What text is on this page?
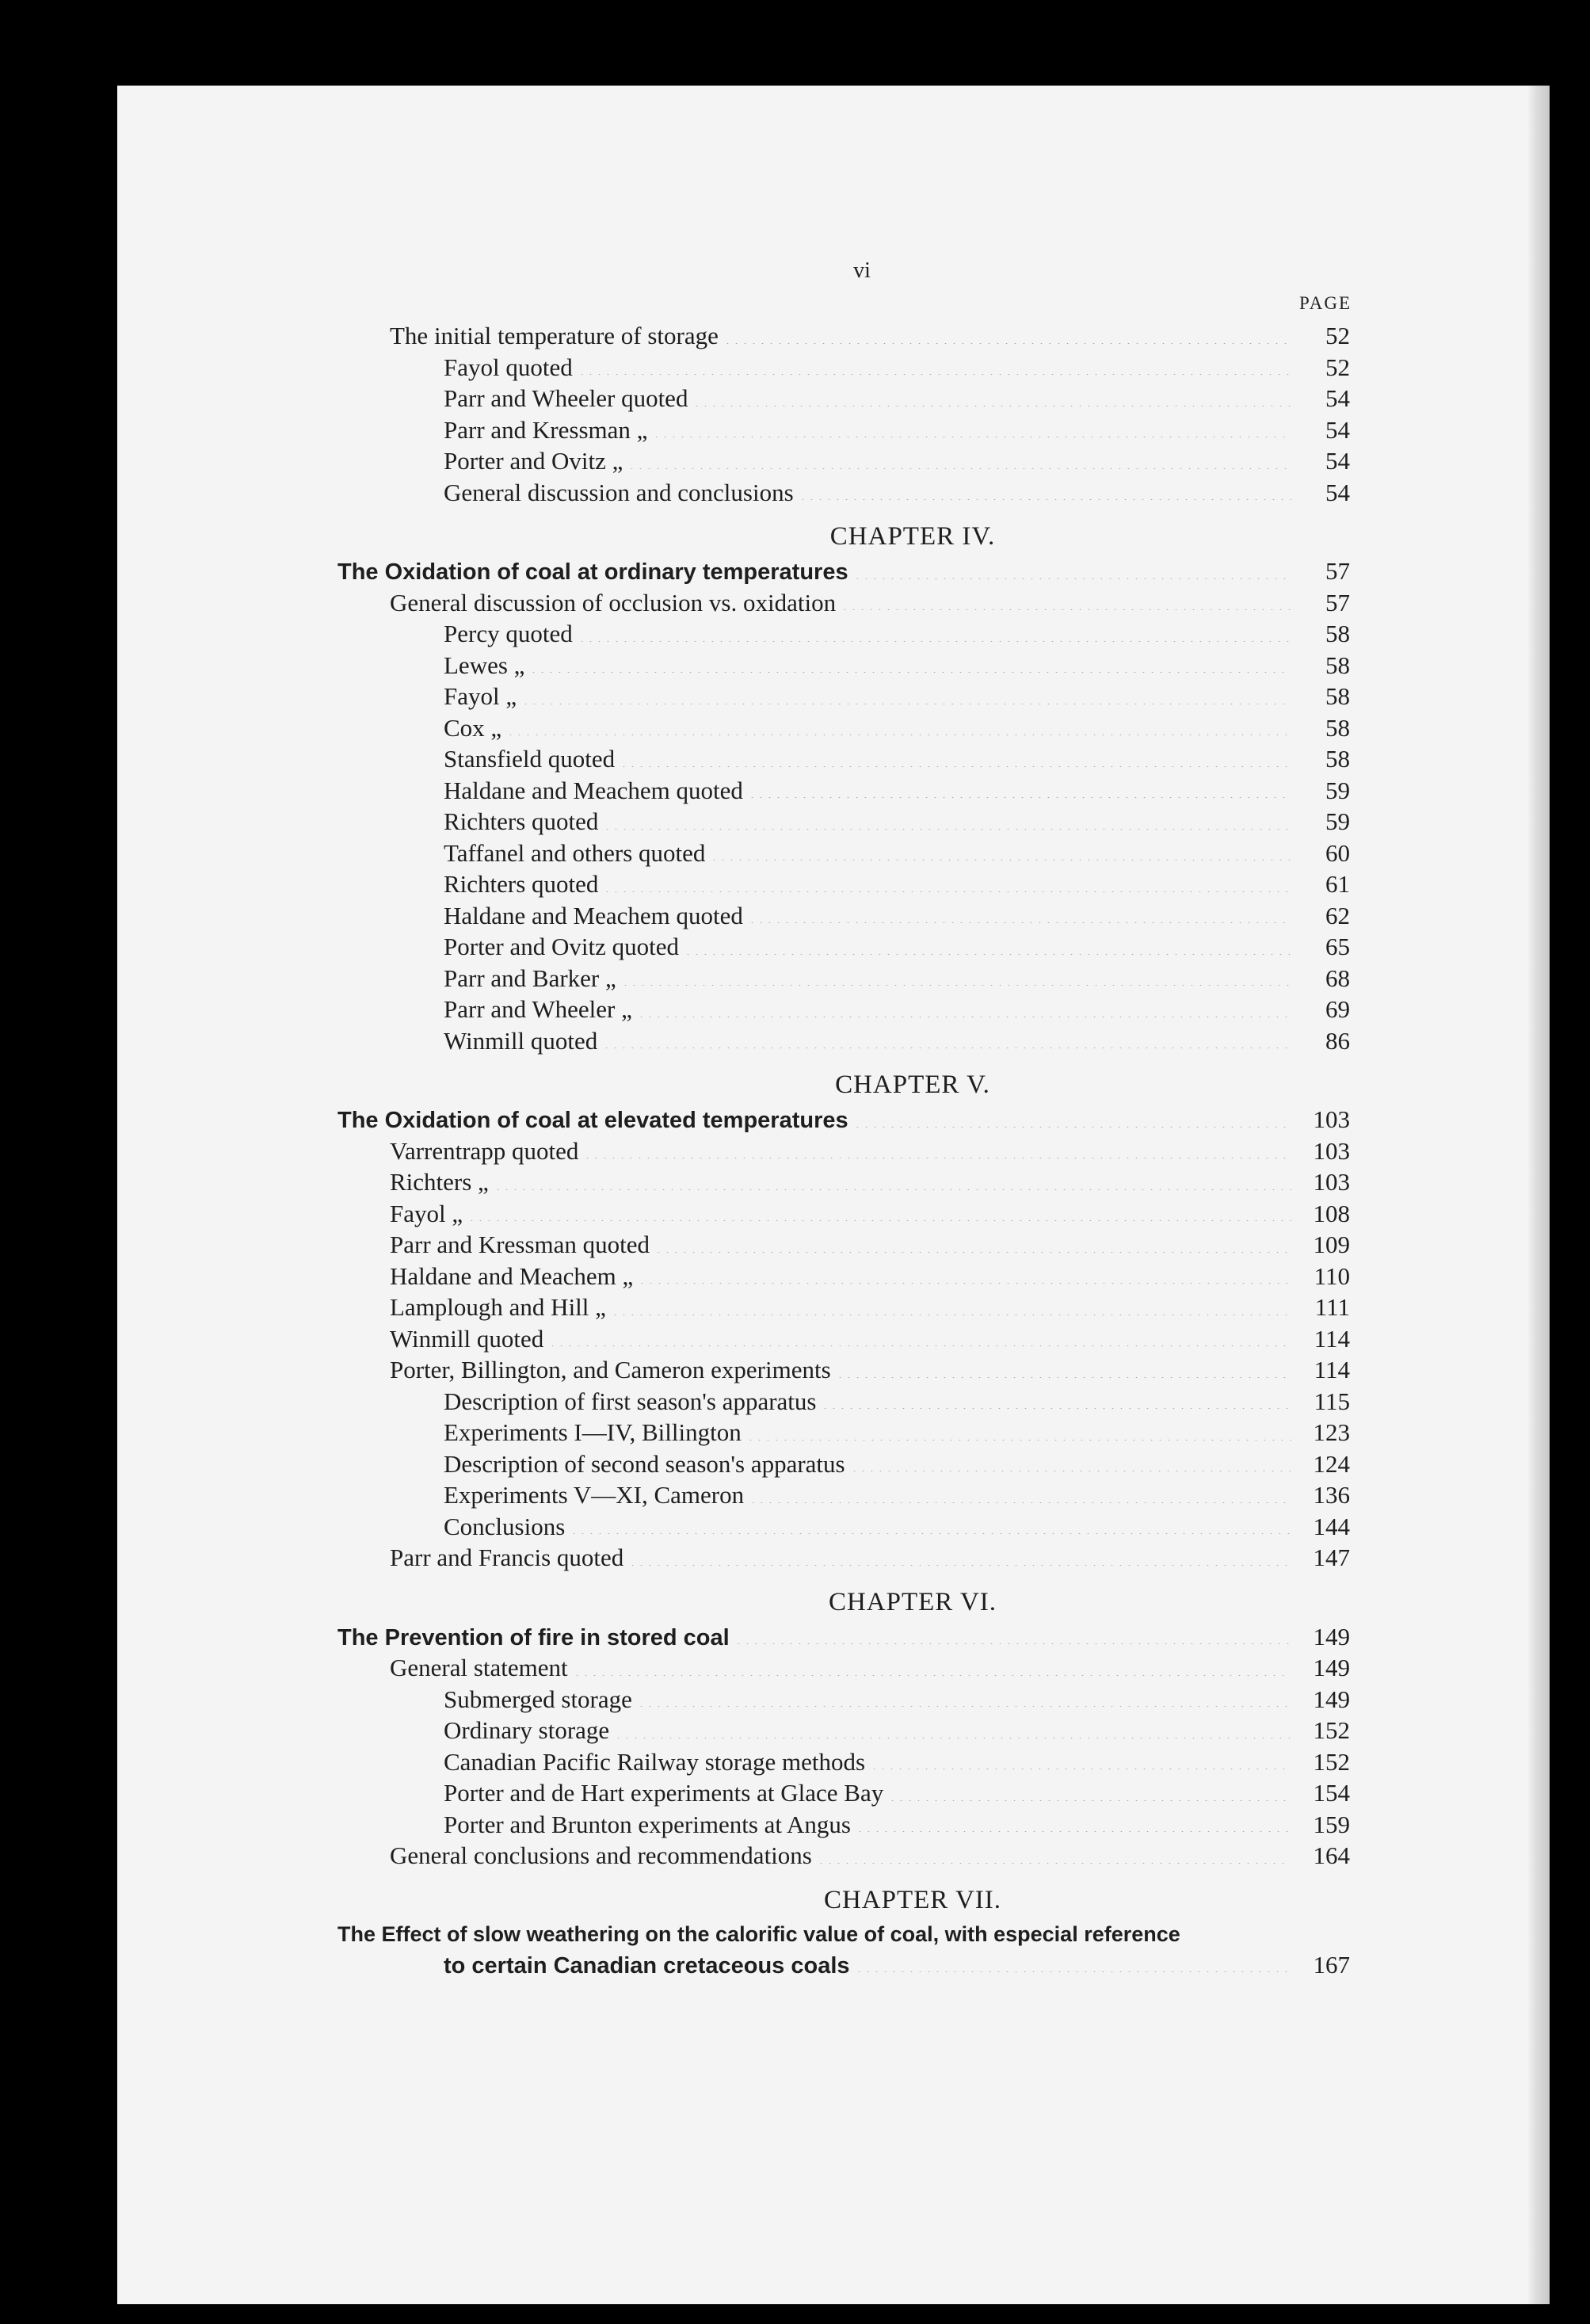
vi
PAGE
The initial temperature of storage	52
Fayol quoted	52
Parr and Wheeler quoted	54
Parr and Kressman „	54
Porter and Ovitz „	54
General discussion and conclusions	54
CHAPTER IV.
The Oxidation of coal at ordinary temperatures	57
General discussion of occlusion vs. oxidation	57
Percy quoted	58
Lewes „	58
Fayol „	58
Cox „	58
Stansfield quoted	58
Haldane and Meachem quoted	59
Richters quoted	59
Taffanel and others quoted	60
Richters quoted	61
Haldane and Meachem quoted	62
Porter and Ovitz quoted	65
Parr and Barker „	68
Parr and Wheeler „	69
Winmill quoted	86
CHAPTER V.
The Oxidation of coal at elevated temperatures	103
Varrentrapp quoted	103
Richters „	103
Fayol „	108
Parr and Kressman quoted	109
Haldane and Meachem „	110
Lamplough and Hill „	111
Winmill quoted	114
Porter, Billington, and Cameron experiments	114
Description of first season's apparatus	115
Experiments I—IV, Billington	123
Description of second season's apparatus	124
Experiments V—XI, Cameron	136
Conclusions	144
Parr and Francis quoted	147
CHAPTER VI.
The Prevention of fire in stored coal	149
General statement	149
Submerged storage	149
Ordinary storage	152
Canadian Pacific Railway storage methods	152
Porter and de Hart experiments at Glace Bay	154
Porter and Brunton experiments at Angus	159
General conclusions and recommendations	164
CHAPTER VII.
The Effect of slow weathering on the calorific value of coal, with especial reference
to certain Canadian cretaceous coals	167
